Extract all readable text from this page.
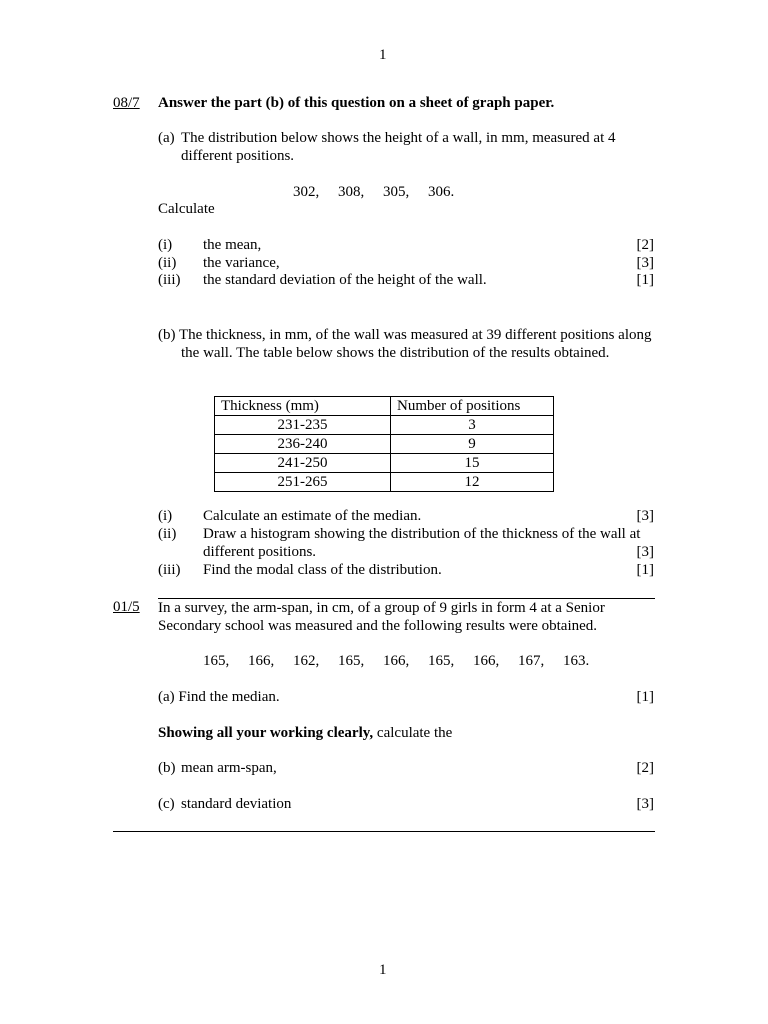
1
08/7 Answer the part (b) of this question on a sheet of graph paper.
(a) The distribution below shows the height of a wall, in mm, measured at 4
different positions.
302, 308, 305, 306.
Calculate
(i) the mean,	[2]
(ii) the variance,	[3]
(iii) the standard deviation of the height of the wall.	[1]
(b) The thickness, in mm, of the wall was measured at 39 different positions along
the wall. The table below shows the distribution of the results obtained.
Thickness (mm)	Number of positions
231-235	3
236-240	9
241-250	15
251-265	12
(i) Calculate an estimate of the median.	[3]
(ii) Draw a histogram showing the distribution of the thickness of the wall at
different positions.	[3]
(iii) Find the modal class of the distribution.	[1]
01/5 In a survey, the arm-span, in cm, of a group of 9 girls in form 4 at a Senior
Secondary school was measured and the following results were obtained.
165, 166, 162, 165, 166, 165, 166, 167, 163.
(a) Find the median.	[1]
Showing all your working clearly, calculate the
(b) mean arm-span,	[2]
(c) standard deviation	[3]
1
